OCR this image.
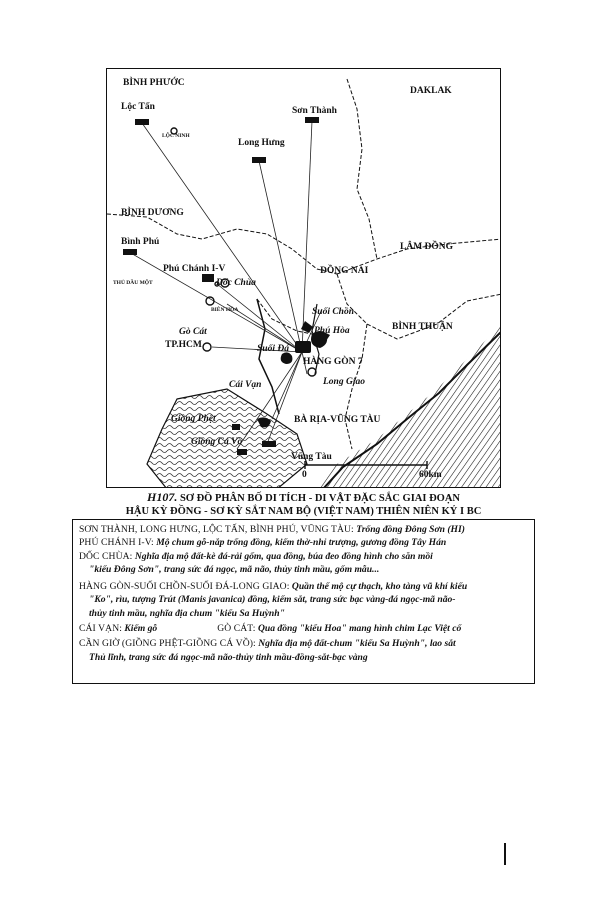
BÌNH PHƯỚC
DAKLAK
Lộc Tấn	Sơn Thành
LỘC NINH
Long Hưng
BÌNH DƯƠNG
Bình Phú	LÂM ĐỒNG
Phú Chánh I-V	ĐỒNG NAI
THỦ DẦU MỘT	Dốc Chùa
BIÊN HÒA	Suối Chồn
Phú Hòa	BÌNH THUẬN
Gò Cát
TP.HCM	Suối Đá
HÀNG GÒN 7
Long Giao
Cái Vạn
Giồng Phệt	BÀ RỊA-VŨNG TÀU
Giồng Cá Vồ
Vũng Tàu
0	60km
H107. SƠ ĐỒ PHÂN BỐ DI TÍCH - DI VẬT ĐẶC SẮC GIAI ĐOẠN
HẬU KỲ ĐỒNG - SƠ KỲ SẮT NAM BỘ (VIỆT NAM) THIÊN NIÊN KỶ I BC

SƠN THÀNH, LONG HƯNG, LỘC TẤN, BÌNH PHÚ, VŨNG TÀU: Trống đồng Đông Sơn (HI)

PHÚ CHÁNH I-V: Mộ chum gỗ-nắp trống đồng, kiếm thờ-nhỉ trượng, gương đồng Tây Hán

DỐC CHÙA: Nghĩa địa mộ đất-kè đá-rải gốm, qua đồng, búa đeo đồng hình cho săn mồi

"kiểu Đông Sơn", trang sức đá ngọc, mã não, thủy tinh mầu, gốm mẫu...

HÀNG GÒN-SUỐI CHỒN-SUỐI ĐÁ-LONG GIAO: Quần thể mộ cự thạch, kho tàng vũ khí kiểu

"Ko", rìu, tượng Trút (Manis javanica) đồng, kiếm sắt, trang sức bạc vàng-đá ngọc-mã não-

thủy tinh mầu, nghĩa địa chum "kiểu Sa Huỳnh"

CÁI VẠN: Kiếm gỗ	GÒ CÁT: Qua đồng "kiểu Hoa" mang hình chim Lạc Việt cổ

CẦN GIỜ (GIỒNG PHỆT-GIỒNG CÁ VỒ): Nghĩa địa mộ đất-chum "kiểu Sa Huỳnh", lao sắt

Thủ lĩnh, trang sức đá ngọc-mã não-thủy tinh mầu-đồng-sắt-bạc vàng
